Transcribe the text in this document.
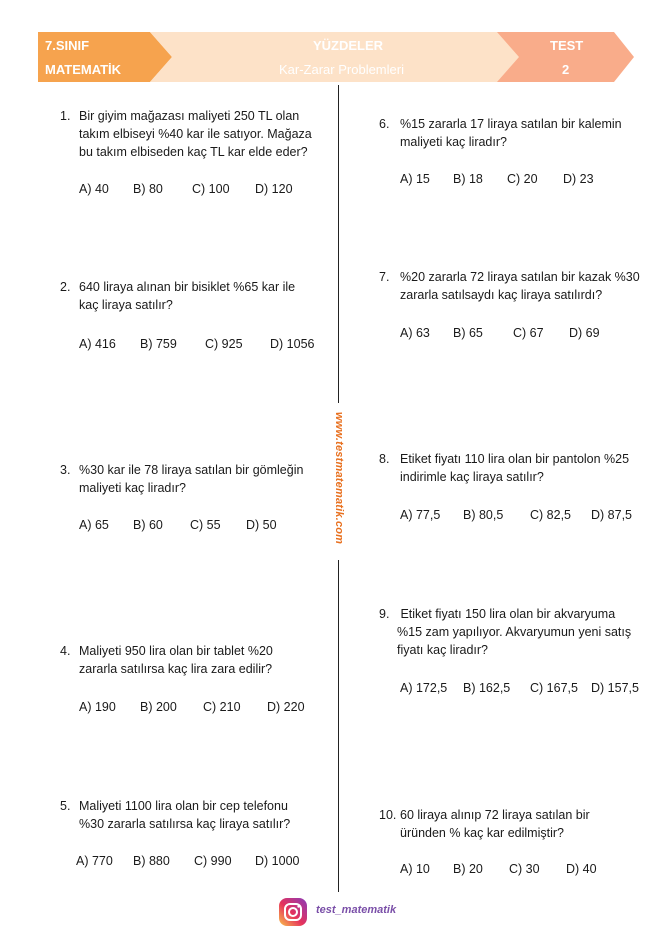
7.SINIF
MATEMATİK
YÜZDELER
Kar-Zarar Problemleri
TEST
2
www.testmatematik.com
1. Bir giyim mağazası maliyeti 250 TL olan
takım elbiseyi %40 kar ile satıyor. Mağaza
bu takım elbiseden kaç TL kar elde eder?
A) 40 B) 80 C) 100 D) 120
2. 640 liraya alınan bir bisiklet %65 kar ile
kaç liraya satılır?
A) 416 B) 759 C) 925 D) 1056
3. %30 kar ile 78 liraya satılan bir gömleğin
maliyeti kaç liradır?
A) 65 B) 60 C) 55 D) 50
4. Maliyeti 950 lira olan bir tablet %20
zararla satılırsa kaç lira zara edilir?
A) 190 B) 200 C) 210 D) 220
5. Maliyeti 1100 lira olan bir cep telefonu
%30 zararla satılırsa kaç liraya satılır?
A) 770 B) 880 C) 990 D) 1000
6. %15 zararla 17 liraya satılan bir kalemin
maliyeti kaç liradır?
A) 15 B) 18 C) 20 D) 23
7. %20 zararla 72 liraya satılan bir kazak %30
zararla satılsaydı kaç liraya satılırdı?
A) 63 B) 65 C) 67 D) 69
8. Etiket fiyatı 110 lira olan bir pantolon %25
indirimle kaç liraya satılır?
A) 77,5 B) 80,5 C) 82,5 D) 87,5
9. Etiket fiyatı 150 lira olan bir akvaryuma
%15 zam yapılıyor. Akvaryumun yeni satış
fiyatı kaç liradır?
A) 172,5 B) 162,5 C) 167,5 D) 157,5
10. 60 liraya alınıp 72 liraya satılan bir
üründen % kaç kar edilmiştir?
A) 10 B) 20 C) 30 D) 40
test_matematik
